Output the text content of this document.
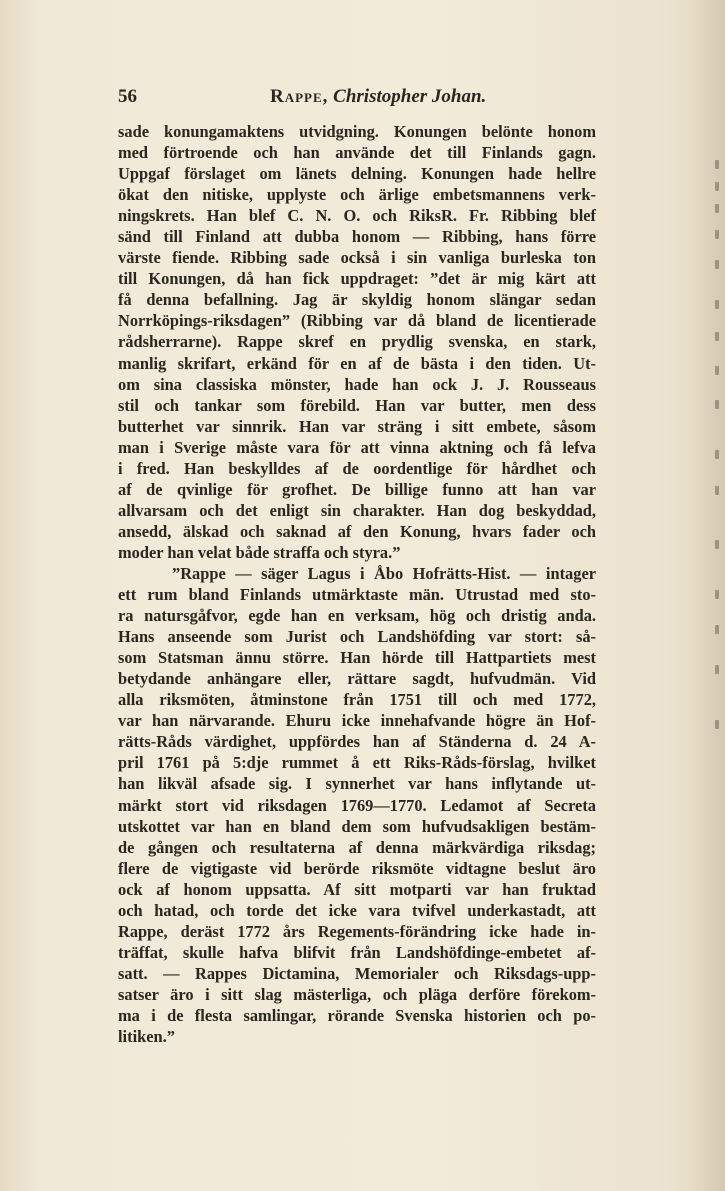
56	Rappe, Christopher Johan.
sade konungamaktens utvidgning. Konungen belönte honom
med förtroende och han använde det till Finlands gagn.
Uppgaf förslaget om länets delning. Konungen hade hellre
ökat den nitiske, upplyste och ärlige embetsmannens verk-
ningskrets. Han blef C. N. O. och RiksR. Fr. Ribbing blef
sänd till Finland att dubba honom — Ribbing, hans förre
värste fiende. Ribbing sade också i sin vanliga burleska ton
till Konungen, då han fick uppdraget: ”det är mig kärt att
få denna befallning. Jag är skyldig honom slängar sedan
Norrköpings-riksdagen” (Ribbing var då bland de licentierade
rådsherrarne). Rappe skref en prydlig svenska, en stark,
manlig skrifart, erkänd för en af de bästa i den tiden. Ut-
om sina classiska mönster, hade han ock J. J. Rousseaus
stil och tankar som förebild. Han var butter, men dess
butterhet var sinnrik. Han var sträng i sitt embete, såsom
man i Sverige måste vara för att vinna aktning och få lefva
i fred. Han beskylldes af de oordentlige för hårdhet och
af de qvinlige för grofhet. De billige funno att han var
allvarsam och det enligt sin charakter. Han dog beskyddad,
ansedd, älskad och saknad af den Konung, hvars fader och
moder han velat både straffa och styra.”
”Rappe — säger Lagus i Åbo Hofrätts-Hist. — intager
ett rum bland Finlands utmärktaste män. Utrustad med sto-
ra natursgåfvor, egde han en verksam, hög och dristig anda.
Hans anseende som Jurist och Landshöfding var stort: så-
som Statsman ännu större. Han hörde till Hattpartiets mest
betydande anhängare eller, rättare sagdt, hufvudmän. Vid
alla riksmöten, åtminstone från 1751 till och med 1772,
var han närvarande. Ehuru icke innehafvande högre än Hof-
rätts-Råds värdighet, uppfördes han af Ständerna d. 24 A-
pril 1761 på 5:dje rummet å ett Riks-Råds-förslag, hvilket
han likväl afsade sig. I synnerhet var hans inflytande ut-
märkt stort vid riksdagen 1769—1770. Ledamot af Secreta
utskottet var han en bland dem som hufvudsakligen bestäm-
de gången och resultaterna af denna märkvärdiga riksdag;
flere de vigtigaste vid berörde riksmöte vidtagne beslut äro
ock af honom uppsatta. Af sitt motparti var han fruktad
och hatad, och torde det icke vara tvifvel underkastadt, att
Rappe, deräst 1772 års Regements-förändring icke hade in-
träffat, skulle hafva blifvit från Landshöfdinge-embetet af-
satt. — Rappes Dictamina, Memorialer och Riksdags-upp-
satser äro i sitt slag mästerliga, och pläga derföre förekom-
ma i de flesta samlingar, rörande Svenska historien och po-
litiken.”
